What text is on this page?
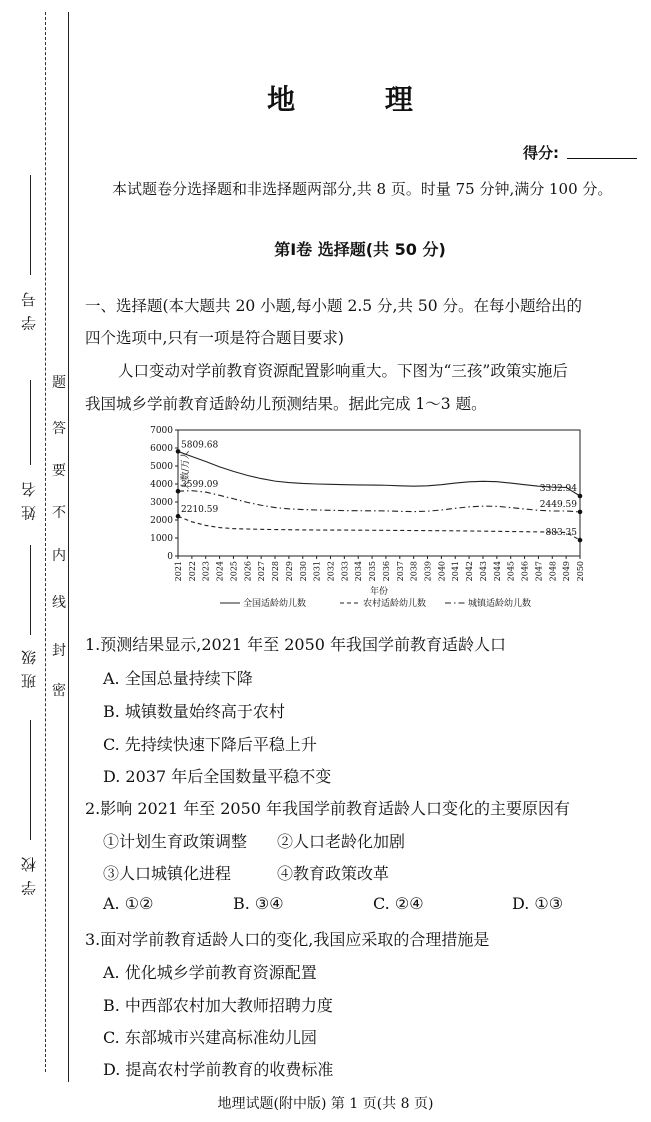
学 号
姓 名
班 级
学 校
题
答
要
不
内
线
封
密
地 理
得分:
本试题卷分选择题和非选择题两部分,共 8 页。时量 75 分钟,满分 100 分。
第Ⅰ卷 选择题(共 50 分)
一、选择题(本大题共 20 小题,每小题 2.5 分,共 50 分。在每小题给出的
四个选项中,只有一项是符合题目要求)
人口变动对学前教育资源配置影响重大。下图为“三孩”政策实施后
我国城乡学前教育适龄幼儿预测结果。据此完成 1～3 题。
0
1000
2000
3000
4000
5000
6000
7000
2021 2022 2023 2024 2025 2026 2027 2028 2029 2030 2031 2032 2033 2034 2035 2036 2037 2038 2039 2040 2041 2042 2043 2044 2045 2046 2047 2048 2049 2050
人数/万人
年份
5809.68
3599.09
2210.59
3332.94
2449.59
883.35
全国适龄幼儿数	农村适龄幼儿数	城镇适龄幼儿数
1.预测结果显示,2021 年至 2050 年我国学前教育适龄人口
A. 全国总量持续下降
B. 城镇数量始终高于农村
C. 先持续快速下降后平稳上升
D. 2037 年后全国数量平稳不变
2.影响 2021 年至 2050 年我国学前教育适龄人口变化的主要原因有
①计划生育政策调整 ②人口老龄化加剧
③人口城镇化进程	④教育政策改革
A. ①②	B. ③④	C. ②④	D. ①③
3.面对学前教育适龄人口的变化,我国应采取的合理措施是
A. 优化城乡学前教育资源配置
B. 中西部农村加大教师招聘力度
C. 东部城市兴建高标准幼儿园
D. 提高农村学前教育的收费标准
地理试题(附中版) 第 1 页(共 8 页)
